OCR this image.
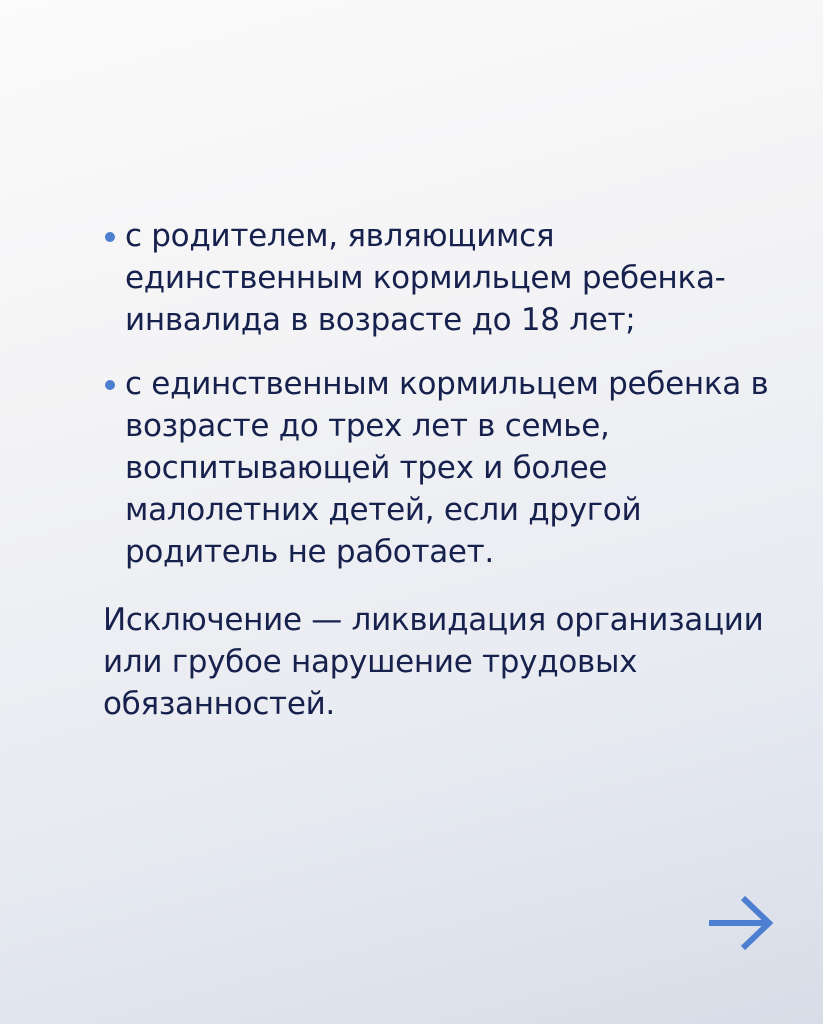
с родителем, являющимся единственным кормильцем ребенка-инвалида в возрасте до 18 лет;
с единственным кормильцем ребенка в возрасте до трех лет в семье, воспитывающей трех и более малолетних детей, если другой родитель не работает.

Исключение — ликвидация организации или грубое нарушение трудовых обязанностей.
